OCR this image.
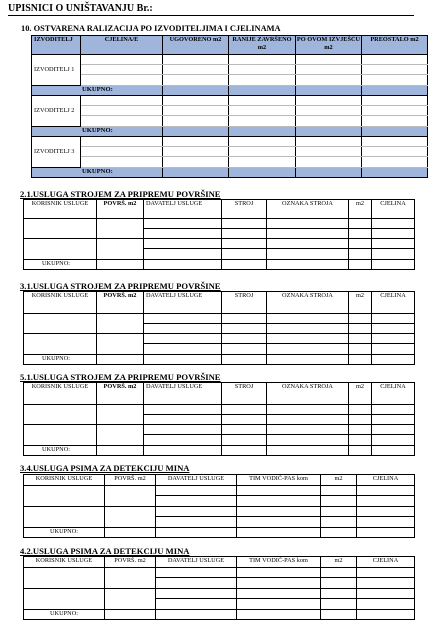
UPISNICI O UNIŠTAVANJU Br.:
10. OSTVARENA RALIZACIJA PO IZVODITELJIMA I CJELINAMA
IZVODITELJ	CJELINA/E	UGOVORENO m2	RANIJE ZAVRŠENO m2	PO OVOM IZVJEŠĆU m2	PREOSTALO m2
IZVODITELJ 1					

UKUPNO:					
IZVODITELJ 2					

UKUPNO:					
IZVODITELJ 3					

UKUPNO:					
2.1.USLUGA STROJEM ZA PRIPREMU POVRŠINE
KORISNIK USLUGE	POVRŠ. m2	DAVATELJ USLUGE	STROJ	OZNAKA STROJA	m2	CJELINA

UKUPNO:						
3.1.USLUGA STROJEM ZA PRIPREMU POVRŠINE
KORISNIK USLUGE	POVRŠ. m2	DAVATELJ USLUGE	STROJ	OZNAKA STROJA	m2	CJELINA

UKUPNO:						
5.1.USLUGA STROJEM ZA PRIPREMU POVRŠINE
KORISNIK USLUGE	POVRŠ. m2	DAVATELJ USLUGE	STROJ	OZNAKA STROJA	m2	CJELINA

UKUPNO:						
3.4.USLUGA PSIMA ZA DETEKCIJU MINA
KORISNIK USLUGE	POVRŠ. m2	DAVATELJ USLUGE	TIM VODIČ-PAS kom	m2	CJELINA

UKUPNO:					
4.2.USLUGA PSIMA ZA DETEKCIJU MINA
KORISNIK USLUGE	POVRŠ. m2	DAVATELJ USLUGE	TIM VODIČ-PAS kom	m2	CJELINA

UKUPNO:					
